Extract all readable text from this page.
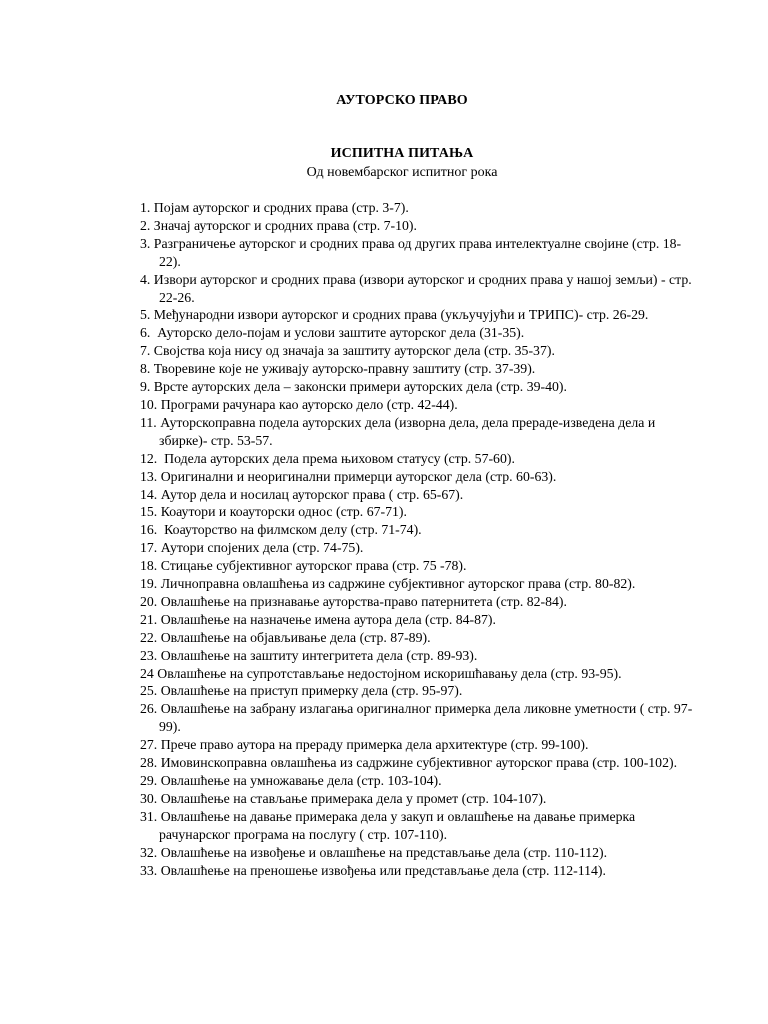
АУТОРСКО ПРАВО
ИСПИТНА ПИТАЊА
Од новембарског испитног рока
1. Појам ауторског и сродних права (стр. 3-7).
2. Значај ауторског и сродних права (стр. 7-10).
3. Разграничење ауторског и сродних права од других права интелектуалне својине (стр. 18-22).
4. Извори ауторског и сродних права (извори ауторског и сродних права у нашој земљи) - стр. 22-26.
5. Међународни извори ауторског и сродних права (укључујући и ТРИПС)- стр. 26-29.
6.  Ауторско дело-појам и услови заштите ауторског дела (31-35).
7. Својства која нису од значаја за заштиту ауторског дела (стр. 35-37).
8. Творевине које не уживају ауторско-правну заштиту (стр. 37-39).
9. Врсте ауторских дела – законски примери ауторских дела (стр. 39-40).
10. Програми рачунара као ауторско дело (стр. 42-44).
11. Ауторскоправна подела ауторских дела (изворна дела, дела прераде-изведена дела и збирке)- стр. 53-57.
12.  Подела ауторских дела према њиховом статусу (стр. 57-60).
13. Оригинални и неоригинални примерци ауторског дела (стр. 60-63).
14. Аутор дела и носилац ауторског права ( стр. 65-67).
15. Коаутори и коауторски однос (стр. 67-71).
16.  Коауторство на филмском делу (стр. 71-74).
17. Аутори спојених дела (стр. 74-75).
18. Стицање субјективног ауторског права (стр. 75 -78).
19. Личноправна овлашћења из садржине субјективног ауторског права (стр. 80-82).
20. Овлашћење на признавање ауторства-право патернитета (стр. 82-84).
21. Овлашћење на назначење имена аутора дела (стр. 84-87).
22. Овлашћење на објављивање дела (стр. 87-89).
23. Овлашћење на заштиту интегритета дела (стр. 89-93).
24 Овлашћење на супротстављање недостојном искоришћавању дела (стр. 93-95).
25. Овлашћење на приступ примерку дела (стр. 95-97).
26. Овлашћење на забрану излагања оригиналног примерка дела ликовне уметности ( стр. 97-99).
27. Прече право аутора на прераду примерка дела архитектуре (стр. 99-100).
28. Имовинскоправна овлашћења из садржине субјективног ауторског права (стр. 100-102).
29. Овлашћење на умножавање дела (стр. 103-104).
30. Овлашћење на стављање примерака дела у промет (стр. 104-107).
31. Овлашћење на давање примерака дела у закуп и овлашћење на давање примерка рачунарског програма на послугу ( стр. 107-110).
32. Овлашћење на извођење и овлашћење на представљање дела (стр. 110-112).
33. Овлашћење на преношење извођења или представљање дела (стр. 112-114).
